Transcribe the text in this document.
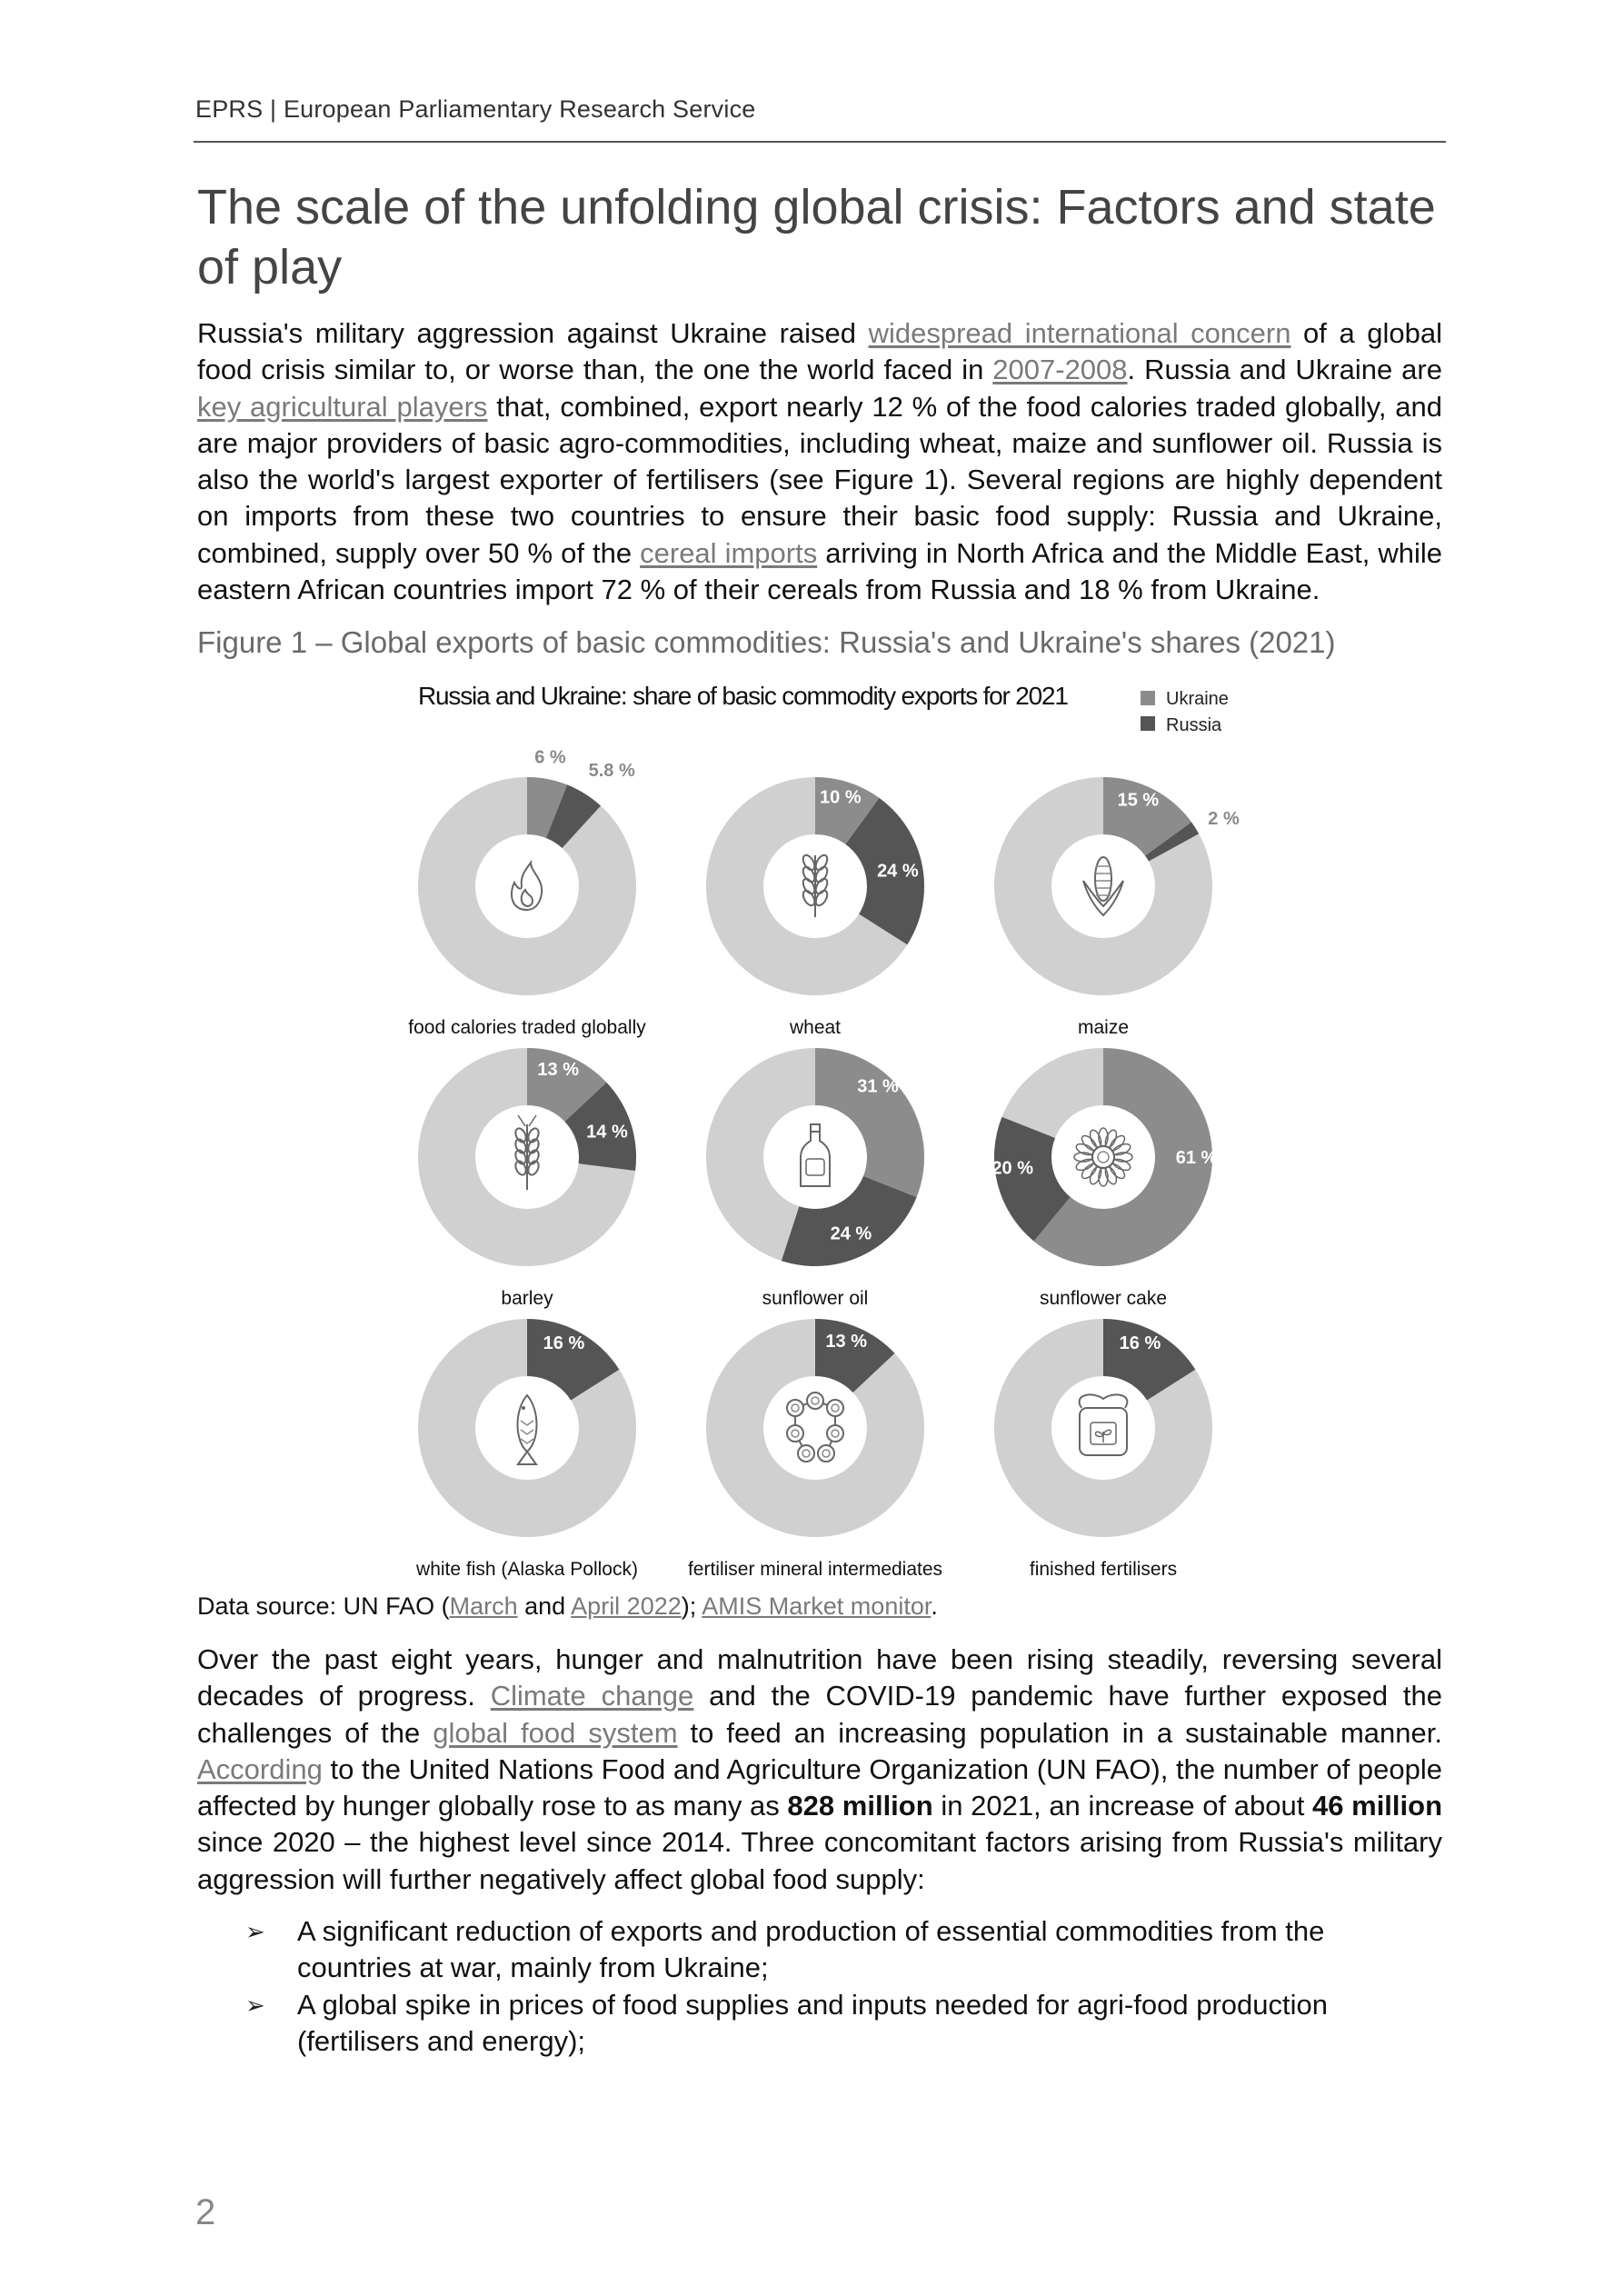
EPRS | European Parliamentary Research Service
The scale of the unfolding global crisis: Factors and state of play

Russia's military aggression against Ukraine raised widespread international concern of a global food crisis similar to, or worse than, the one the world faced in 2007-2008. Russia and Ukraine are key agricultural players that, combined, export nearly 12 % of the food calories traded globally, and are major providers of basic agro-commodities, including wheat, maize and sunflower oil. Russia is also the world's largest exporter of fertilisers (see Figure 1). Several regions are highly dependent on imports from these two countries to ensure their basic food supply: Russia and Ukraine, combined, supply over 50 % of the cereal imports arriving in North Africa and the Middle East, while eastern African countries import 72 % of their cereals from Russia and 18 % from Ukraine.

Figure 1 – Global exports of basic commodities: Russia's and Ukraine's shares (2021)
Russia and Ukraine: share of basic commodity exports for 2021	Ukraine
Russia
6 %
5.8 %
food calories traded globally
10 %
24 %
wheat
15 %
2 %
maize
13 %
14 %
barley
31 %
24 %
sunflower oil
61 %
20 %
sunflower cake
16 %
white fish (Alaska Pollock)
13 %
fertiliser mineral intermediates
16 %
finished fertilisers
Data source: UN FAO (March and April 2022); AMIS Market monitor.

Over the past eight years, hunger and malnutrition have been rising steadily, reversing several decades of progress. Climate change and the COVID-19 pandemic have further exposed the challenges of the global food system to feed an increasing population in a sustainable manner. According to the United Nations Food and Agriculture Organization (UN FAO), the number of people affected by hunger globally rose to as many as 828 million in 2021, an increase of about 46 million since 2020 – the highest level since 2014. Three concomitant factors arising from Russia's military aggression will further negatively affect global food supply:

➢ A significant reduction of exports and production of essential commodities from the countries at war, mainly from Ukraine;
➢ A global spike in prices of food supplies and inputs needed for agri-food production (fertilisers and energy);
2
